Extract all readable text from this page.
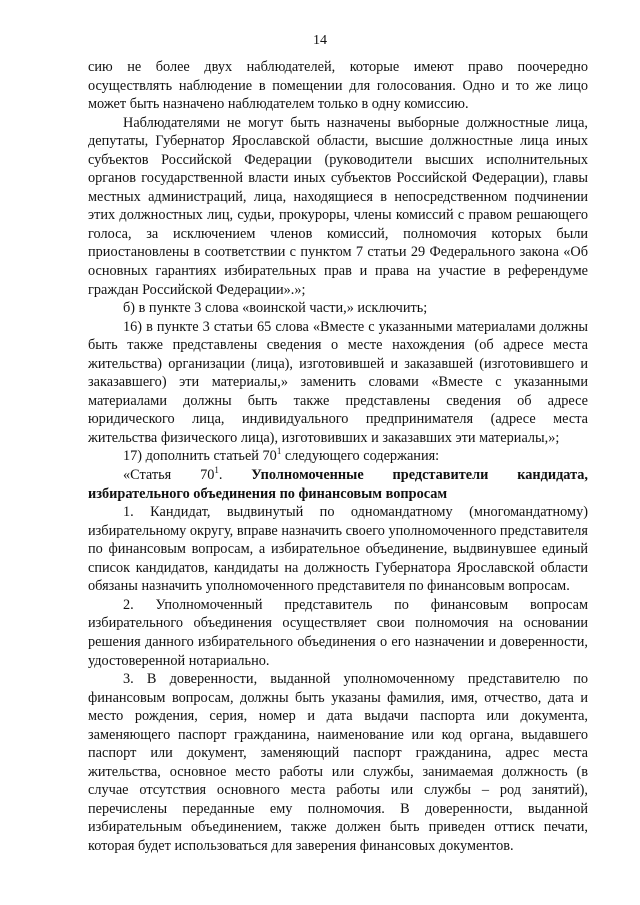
14

сию не более двух наблюдателей, которые имеют право поочередно осуществлять наблюдение в помещении для голосования. Одно и то же лицо может быть назначено наблюдателем только в одну комиссию.

Наблюдателями не могут быть назначены выборные должностные лица, депутаты, Губернатор Ярославской области, высшие должностные лица иных субъектов Российской Федерации (руководители высших исполнительных органов государственной власти иных субъектов Российской Федерации), главы местных администраций, лица, находящиеся в непосредственном подчинении этих должностных лиц, судьи, прокуроры, члены комиссий с правом решающего голоса, за исключением членов комиссий, полномочия которых были приостановлены в соответствии с пунктом 7 статьи 29 Федерального закона «Об основных гарантиях избирательных прав и права на участие в референдуме граждан Российской Федерации».»;

б) в пункте 3 слова «воинской части,» исключить;

16) в пункте 3 статьи 65 слова «Вместе с указанными материалами должны быть также представлены сведения о месте нахождения (об адресе места жительства) организации (лица), изготовившей и заказавшей (изготовившего и заказавшего) эти материалы,» заменить словами «Вместе с указанными материалами должны быть также представлены сведения об адресе юридического лица, индивидуального предпринимателя (адресе места жительства физического лица), изготовивших и заказавших эти материалы,»;

17) дополнить статьей $70^1$ следующего содержания:

«Статья $70^1$. Уполномоченные представители кандидата, избирательного объединения по финансовым вопросам

1. Кандидат, выдвинутый по одномандатному (многомандатному) избирательному округу, вправе назначить своего уполномоченного представителя по финансовым вопросам, а избирательное объединение, выдвинувшее единый список кандидатов, кандидаты на должность Губернатора Ярославской области обязаны назначить уполномоченного представителя по финансовым вопросам.

2. Уполномоченный представитель по финансовым вопросам избирательного объединения осуществляет свои полномочия на основании решения данного избирательного объединения о его назначении и доверенности, удостоверенной нотариально.

3. В доверенности, выданной уполномоченному представителю по финансовым вопросам, должны быть указаны фамилия, имя, отчество, дата и место рождения, серия, номер и дата выдачи паспорта или документа, заменяющего паспорт гражданина, наименование или код органа, выдавшего паспорт или документ, заменяющий паспорт гражданина, адрес места жительства, основное место работы или службы, занимаемая должность (в случае отсутствия основного места работы или службы – род занятий), перечислены переданные ему полномочия. В доверенности, выданной избирательным объединением, также должен быть приведен оттиск печати, которая будет использоваться для заверения финансовых документов.
